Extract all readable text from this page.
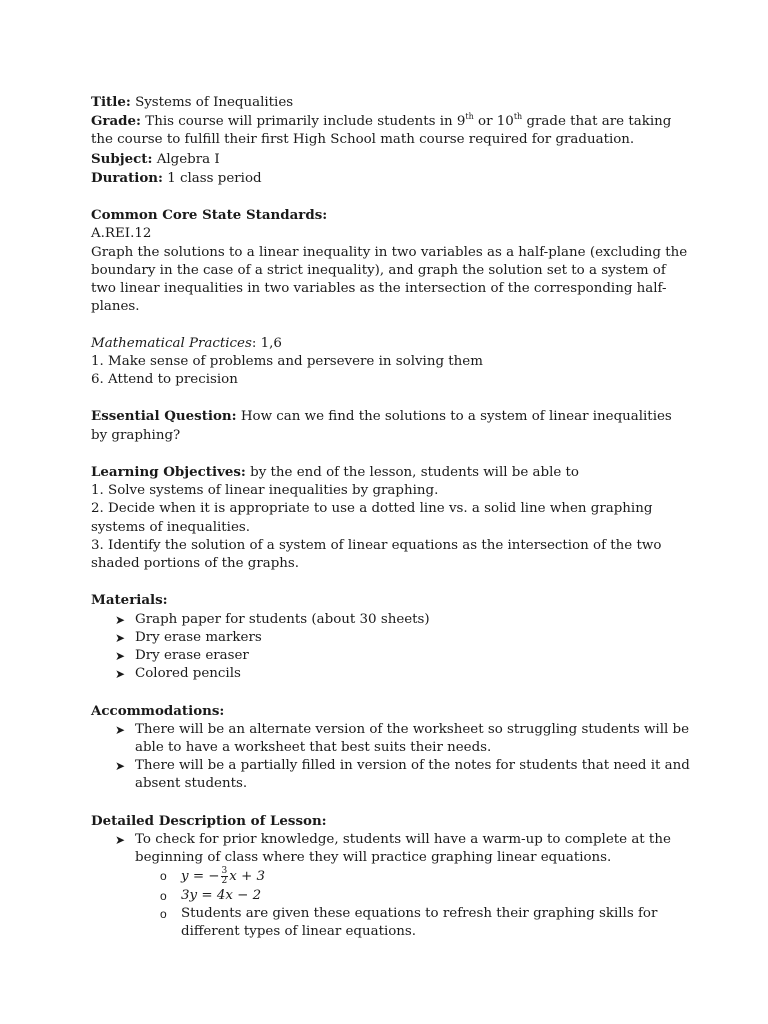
Title: Systems of Inequalities

Grade: This course will primarily include students in 9th or 10th grade that are taking the course to fulfill their first High School math course required for graduation.

Subject: Algebra I

Duration: 1 class period

Common Core State Standards:

A.REI.12

Graph the solutions to a linear inequality in two variables as a half-plane (excluding the boundary in the case of a strict inequality), and graph the solution set to a system of two linear inequalities in two variables as the intersection of the corresponding half-planes.

Mathematical Practices: 1,6

1. Make sense of problems and persevere in solving them

6. Attend to precision

Essential Question: How can we find the solutions to a system of linear inequalities by graphing?

Learning Objectives: by the end of the lesson, students will be able to

1. Solve systems of linear inequalities by graphing.

2. Decide when it is appropriate to use a dotted line vs. a solid line when graphing systems of inequalities.

3. Identify the solution of a system of linear equations as the intersection of the two shaded portions of the graphs.

Materials:

➤ Graph paper for students (about 30 sheets)
➤ Dry erase markers
➤ Dry erase eraser
➤ Colored pencils

Accommodations:

➤ There will be an alternate version of the worksheet so struggling students will be able to have a worksheet that best suits their needs.
➤ There will be a partially filled in version of the notes for students that need it and absent students.

Detailed Description of Lesson:

➤ To check for prior knowledge, students will have a warm-up to complete at the beginning of class where they will practice graphing linear equations.
o y = − $\frac{3}{2}$ x + 3
o 3y = 4x − 2
o Students are given these equations to refresh their graphing skills for different types of linear equations.
